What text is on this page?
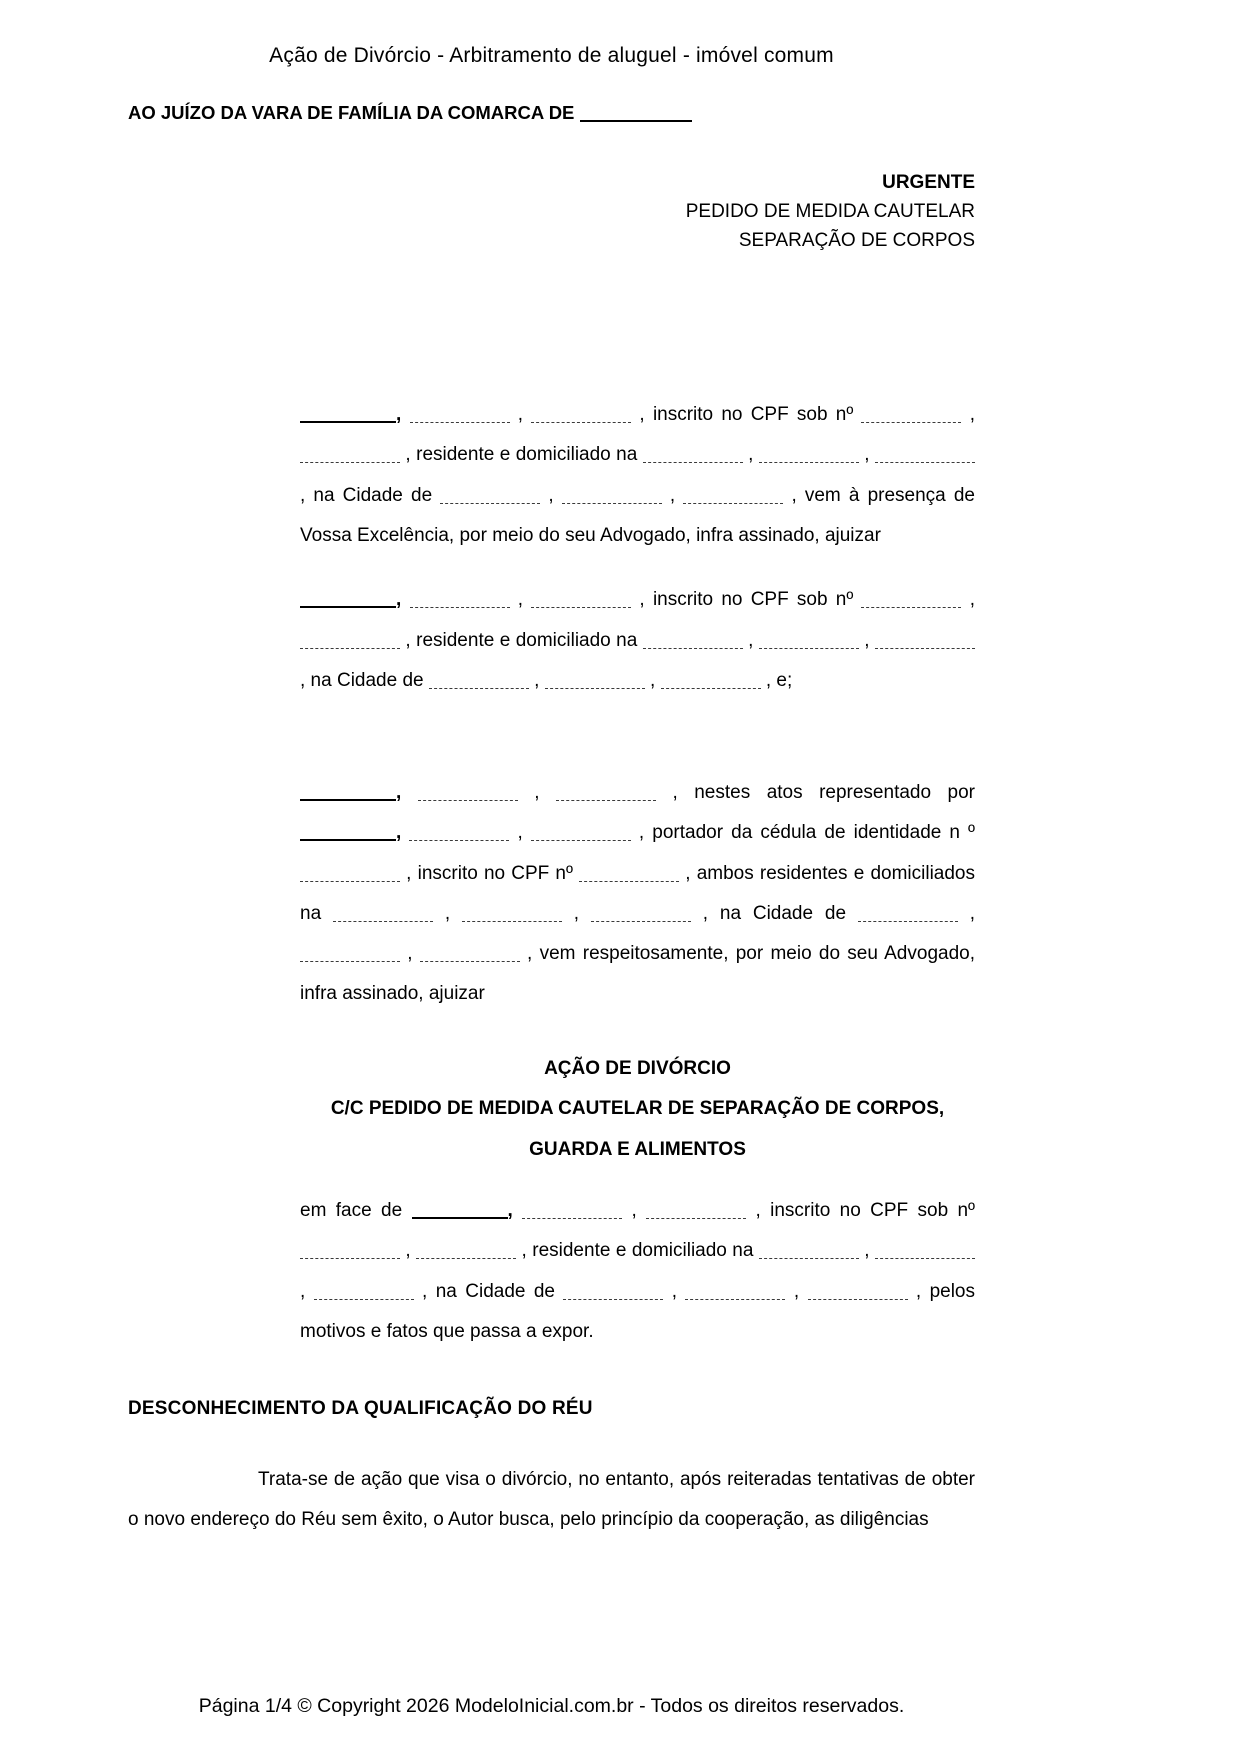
Ação de Divórcio - Arbitramento de aluguel - imóvel comum
AO JUÍZO DA VARA DE FAMÍLIA DA COMARCA DE
URGENTE
PEDIDO DE MEDIDA CAUTELAR
SEPARAÇÃO DE CORPOS

,	,	, inscrito no CPF sob nº	,  , residente e domiciliado na	,	,  , na Cidade de	,	,	, vem à presença de Vossa Excelência, por meio do seu Advogado, infra assinado, ajuizar

,	,	, inscrito no CPF sob nº	,  , residente e domiciliado na	,	,  , na Cidade de	,	,	, e;

,	,	, nestes atos representado por ,	,	, portador da cédula de identidade n º  , inscrito no CPF nº	, ambos residentes e domiciliados na	,	,	, na Cidade de	,  ,	, vem respeitosamente, por meio do seu Advogado, infra assinado, ajuizar

AÇÃO DE DIVÓRCIO
C/C PEDIDO DE MEDIDA CAUTELAR DE SEPARAÇÃO DE CORPOS,
GUARDA E ALIMENTOS

em face de	,	,	, inscrito no CPF sob nº  ,	, residente e domiciliado na	,  ,	, na Cidade de	,	,	, pelos motivos e fatos que passa a expor.

DESCONHECIMENTO DA QUALIFICAÇÃO DO RÉU

Trata-se de ação que visa o divórcio, no entanto, após reiteradas tentativas de obter o novo endereço do Réu sem êxito, o Autor busca, pelo princípio da cooperação, as diligências

Página 1/4 © Copyright 2026 ModeloInicial.com.br - Todos os direitos reservados.
